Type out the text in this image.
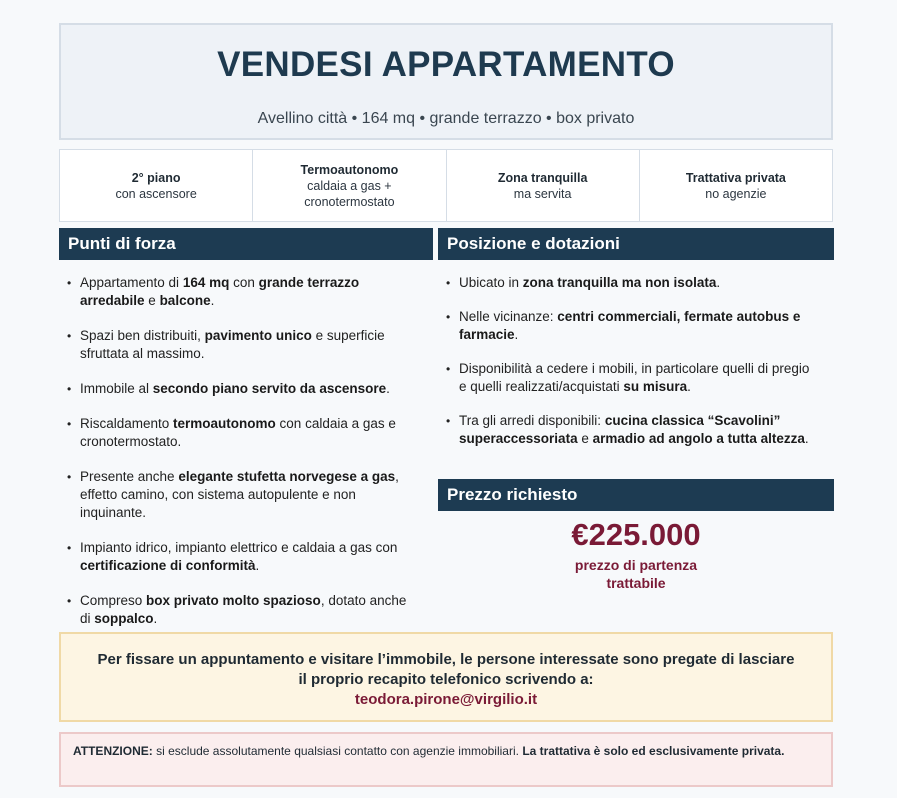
VENDESI APPARTAMENTO
Avellino città • 164 mq • grande terrazzo • box privato
2° piano
con ascensore
Termoautonomo
caldaia a gas + cronotermostato
Zona tranquilla
ma servita
Trattativa privata
no agenzie
Punti di forza
• Appartamento di 164 mq con grande terrazzo arredabile e balcone.
• Spazi ben distribuiti, pavimento unico e superficie sfruttata al massimo.
• Immobile al secondo piano servito da ascensore.
• Riscaldamento termoautonomo con caldaia a gas e cronotermostato.
• Presente anche elegante stufetta norvegese a gas, effetto camino, con sistema autopulente e non inquinante.
• Impianto idrico, impianto elettrico e caldaia a gas con certificazione di conformità.
• Compreso box privato molto spazioso, dotato anche di soppalco.
Posizione e dotazioni
• Ubicato in zona tranquilla ma non isolata.
• Nelle vicinanze: centri commerciali, fermate autobus e farmacie.
• Disponibilità a cedere i mobili, in particolare quelli di pregio e quelli realizzati/acquistati su misura.
• Tra gli arredi disponibili: cucina classica “Scavolini” superaccessoriata e armadio ad angolo a tutta altezza.
Prezzo richiesto
€225.000
prezzo di partenza
trattabile
Per fissare un appuntamento e visitare l’immobile, le persone interessate sono pregate di lasciare
il proprio recapito telefonico scrivendo a:
teodora.pirone@virgilio.it
ATTENZIONE: si esclude assolutamente qualsiasi contatto con agenzie immobiliari. La trattativa è solo ed esclusivamente privata.
